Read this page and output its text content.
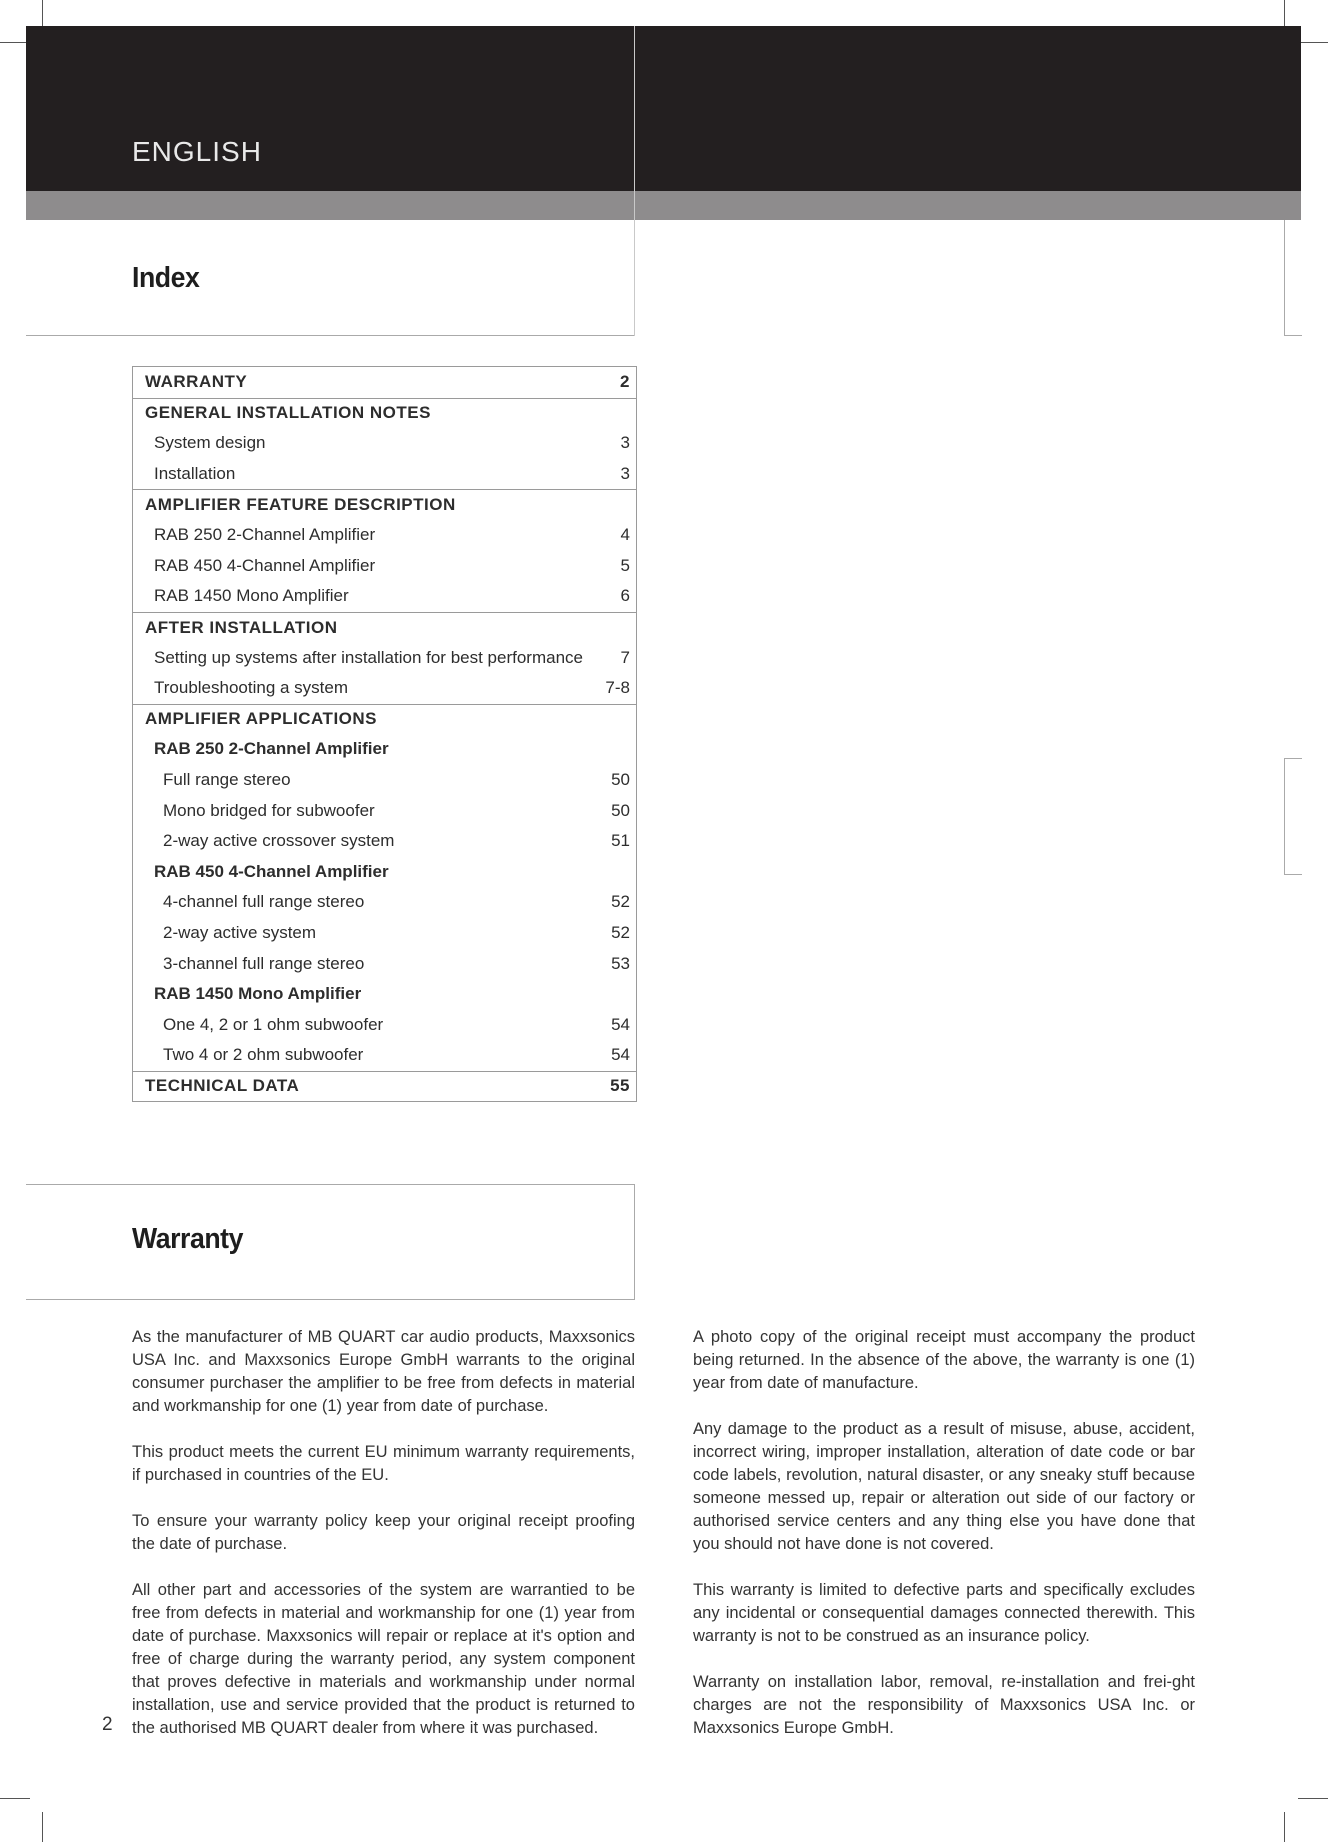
ENGLISH
Index
WARRANTY	2
GENERAL INSTALLATION NOTES
System design	3
Installation	3
AMPLIFIER FEATURE DESCRIPTION
RAB 250 2-Channel Amplifier	4
RAB 450 4-Channel Amplifier	5
RAB 1450 Mono Amplifier	6
AFTER INSTALLATION
Setting up systems after installation for best performance 7
Troubleshooting a system	7-8
AMPLIFIER APPLICATIONS
RAB 250 2-Channel Amplifier
Full range stereo	50
Mono bridged for subwoofer	50
2-way active crossover system	51
RAB 450 4-Channel Amplifier
4-channel full range stereo	52
2-way active system	52
3-channel full range stereo	53
RAB 1450 Mono Amplifier
One 4, 2 or 1 ohm subwoofer	54
Two 4 or 2 ohm subwoofer	54
TECHNICAL DATA	55
Warranty

As the manufacturer of MB QUART car audio products, Maxxsonics USA Inc. and Maxxsonics Europe GmbH warrants to the original consumer purchaser the amplifier to be free from defects in material and workmanship for one (1) year from date of purchase.

This product meets the current EU minimum warranty requirements, if purchased in countries of the EU.

To ensure your warranty policy keep your original receipt proofing the date of purchase.

All other part and accessories of the system are warrantied to be free from defects in material and workmanship for one (1) year from date of purchase. Maxxsonics will repair or replace at it's option and free of charge during the warranty period, any system component that proves defective in materials and workmanship under normal installation, use and service provided that the product is returned to the authorised MB QUART dealer from where it was purchased.

A photo copy of the original receipt must accompany the product being returned. In the absence of the above, the warranty is one (1) year from date of manufacture.

Any damage to the product as a result of misuse, abuse, accident, incorrect wiring, improper installation, alteration of date code or bar code labels, revolution, natural disaster, or any sneaky stuff because someone messed up, repair or alteration out side of our factory or authorised service centers and any thing else you have done that you should not have done is not covered.

This warranty is limited to defective parts and specifically excludes any incidental or consequential damages connected therewith. This warranty is not to be construed as an insurance policy.

Warranty on installation labor, removal, re-installation and frei-ght charges are not the responsibility of Maxxsonics USA Inc. or Maxxsonics Europe GmbH.

2
